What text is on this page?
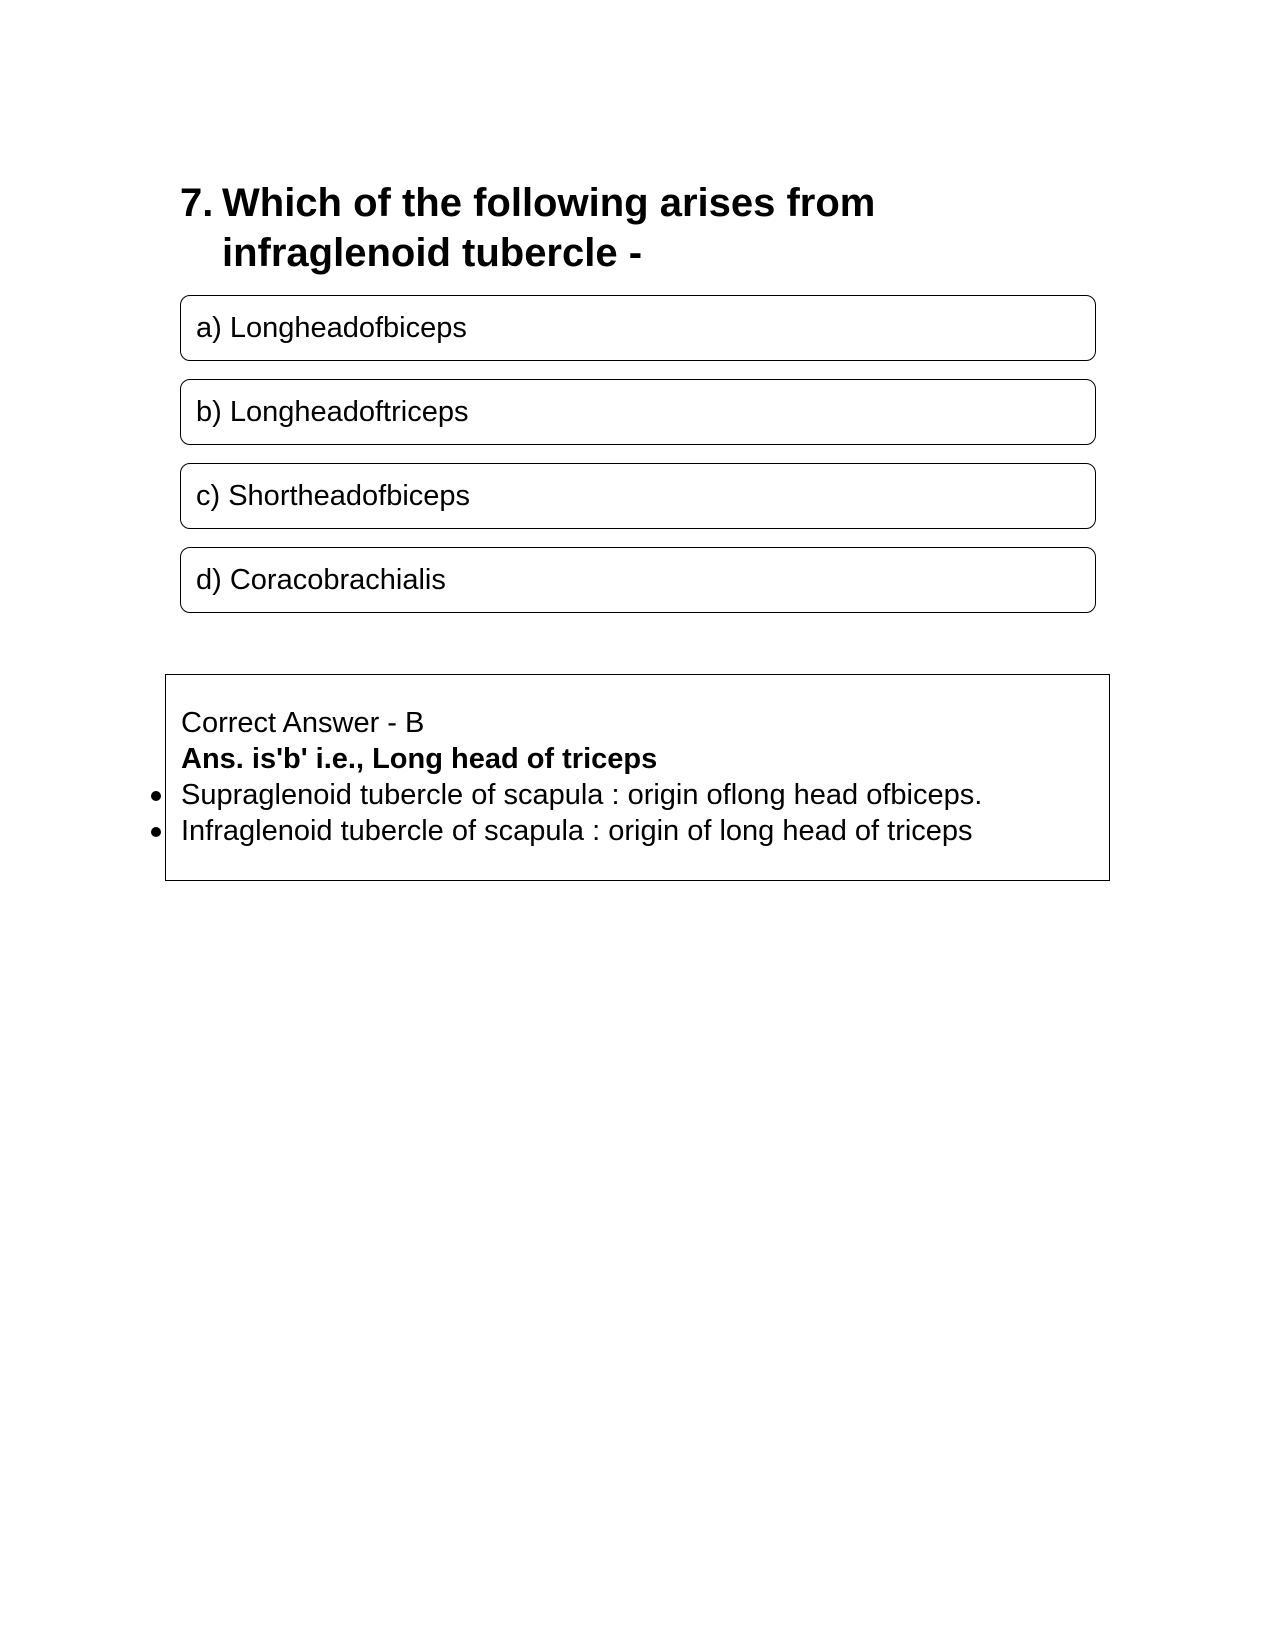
7. Which of the following arises from infraglenoid tubercle -
a) Longheadofbiceps
b) Longheadoftriceps
c) Shortheadofbiceps
d) Coracobrachialis
Correct Answer - B
Ans. is'b' i.e., Long head of triceps
Supraglenoid tubercle of scapula : origin oflong head ofbiceps.
Infraglenoid tubercle of scapula : origin of long head of triceps
